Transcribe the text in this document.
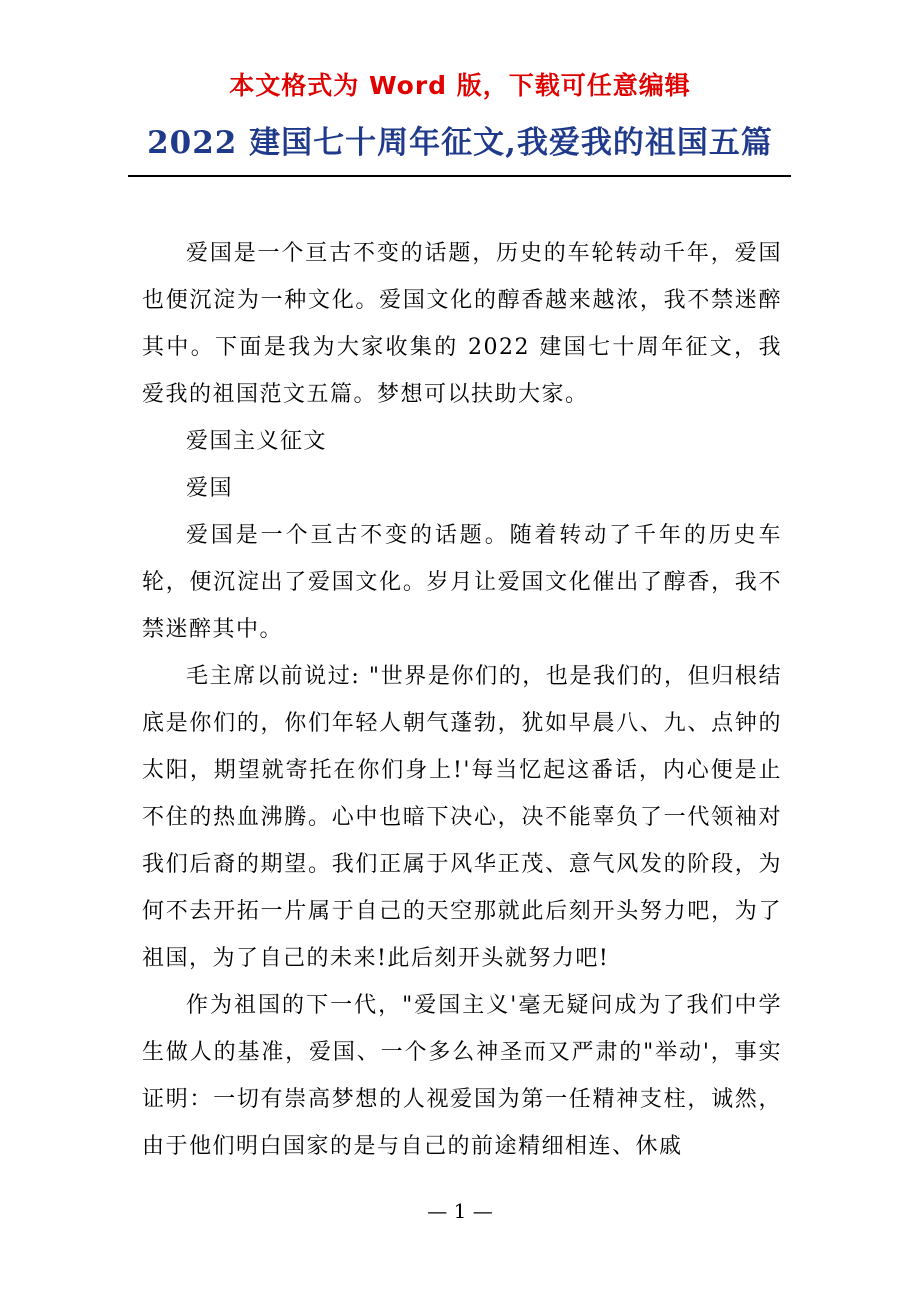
本文格式为 Word 版，下载可任意编辑
2022 建国七十周年征文,我爱我的祖国五篇

爱国是一个亘古不变的话题，历史的车轮转动千年，爱国也便沉淀为一种文化。爱国文化的醇香越来越浓，我不禁迷醉其中。下面是我为大家收集的 2022 建国七十周年征文，我爱我的祖国范文五篇。梦想可以扶助大家。

爱国主义征文

爱国

爱国是一个亘古不变的话题。随着转动了千年的历史车轮，便沉淀出了爱国文化。岁月让爱国文化催出了醇香，我不禁迷醉其中。

毛主席以前说过: "世界是你们的，也是我们的，但归根结底是你们的，你们年轻人朝气蓬勃，犹如早晨八、九、点钟的太阳，期望就寄托在你们身上!'每当忆起这番话，内心便是止不住的热血沸腾。心中也暗下决心，决不能辜负了一代领袖对我们后裔的期望。我们正属于风华正茂、意气风发的阶段，为何不去开拓一片属于自己的天空那就此后刻开头努力吧，为了祖国，为了自己的未来!此后刻开头就努力吧!

作为祖国的下一代，"爱国主义'毫无疑问成为了我们中学生做人的基准，爱国、一个多么神圣而又严肃的"举动'，事实证明：一切有崇高梦想的人视爱国为第一任精神支柱，诚然，由于他们明白国家的是与自己的前途精细相连、休戚

— 1 —
